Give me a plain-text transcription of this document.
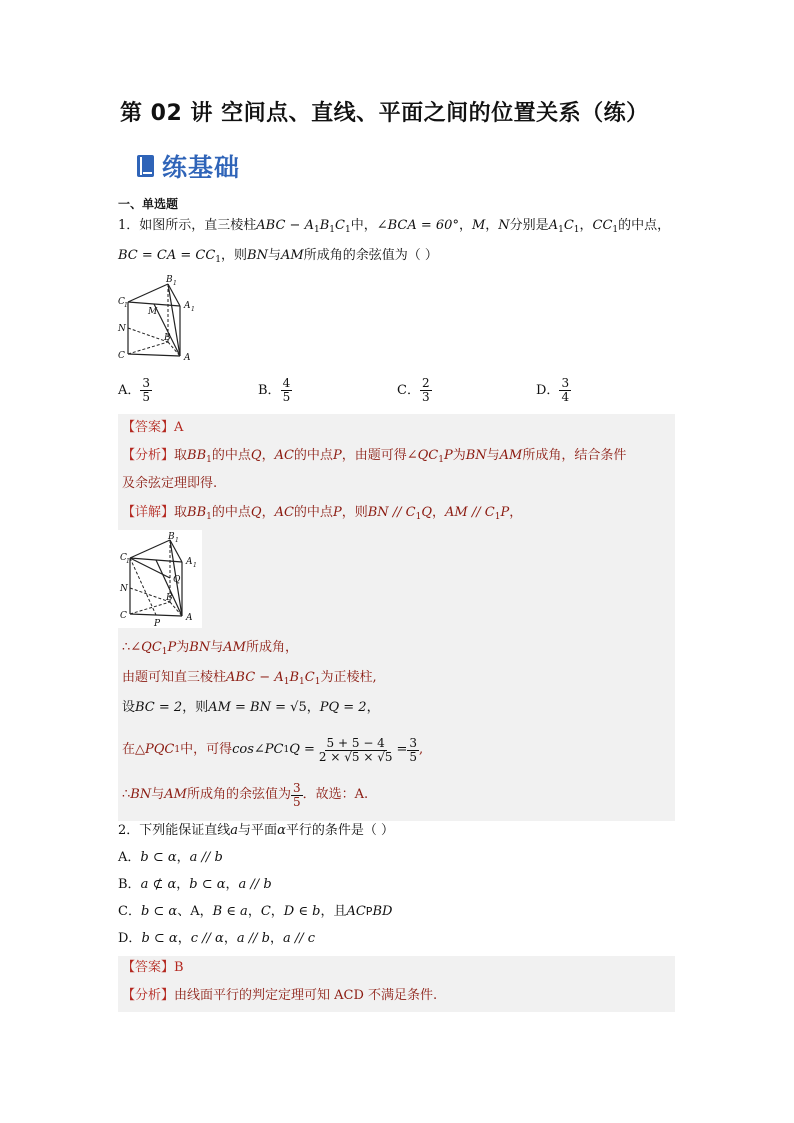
第 02 讲 空间点、直线、平面之间的位置关系（练）
练基础
一、单选题
1．如图所示，直三棱柱ABC − $A_1B_1C_1$中，∠BCA = 60°，M，N分别是$A_1C_1$，$CC_1$的中点，
BC = CA = $CC_1$，则BN与AM所成角的余弦值为（ ）
B 1
C 1	A 1
M
N
B
C	A
A． $\frac{3}{5}$	B． $\frac{4}{5}$	C． $\frac{2}{3}$	D． $\frac{3}{4}$
【答案】A
【分析】取$BB_1$的中点Q，AC的中点P，由题可得$\angle QC_1P$为BN与AM所成角，结合条件
及余弦定理即得.
【详解】取$BB_1$的中点Q，AC的中点P，则BN // $C_1Q$，AM // $C_1P$，
B 1
C 1	A 1
N
Q
B
C
P
A
$\therefore\angle QC_1P$为BN与AM所成角，
由题可知直三棱柱ABC − $A_1B_1C_1$为正棱柱,
设BC = 2，则AM = BN = √5，PQ = 2，
在△ PQC 1 中，可得 cos∠PC 1 $Q = \frac{5 + 5 - 4}{2 \times √5 \times √5} = \frac{3}{5}$ ,
∴ BN 与 AM 所成角的余弦值为 $\frac{3}{5}$ ．故选：A.
2．下列能保证直线a与平面α平行的条件是（ ）
A．b ⊂ α，a // b
B．a ⊄ α，b ⊂ α，a // b
C．b ⊂ α、A，B ∈ a，C，D ∈ b，且ACPBD
D．b ⊂ α，c // α，a // b，a // c
【答案】B
【分析】由线面平行的判定定理可知 ACD 不满足条件.
